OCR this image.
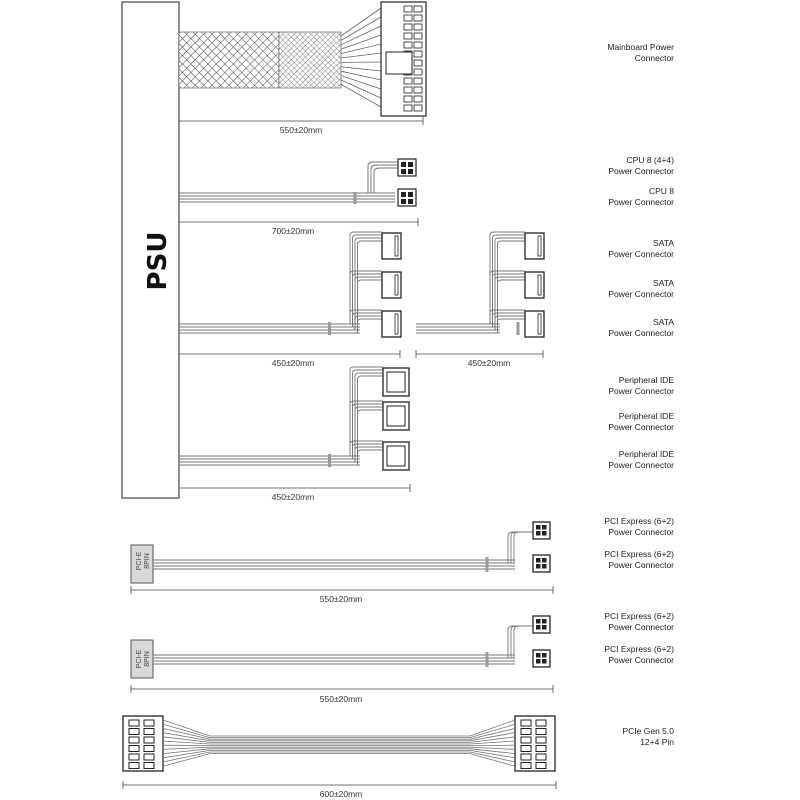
PSU
PCI-E
8PIN
PCI-E
8PIN
550±20mm
700±20mm
450±20mm	450±20mm
450±20mm
550±20mm
550±20mm
600±20mm
Mainboard Power
Connector
CPU 8 (4+4)
Power Connector
CPU 8
Power Connector
SATA
Power Connector
SATA
Power Connector
SATA
Power Connector
Peripheral IDE
Power Connector
Peripheral IDE
Power Connector
Peripheral IDE
Power Connector
PCI Express (6+2)
Power Connector
PCI Express (6+2)
Power Connector
PCI Express (6+2)
Power Connector
PCI Express (6+2)
Power Connector
PCIe Gen 5.0
12+4 Pin
